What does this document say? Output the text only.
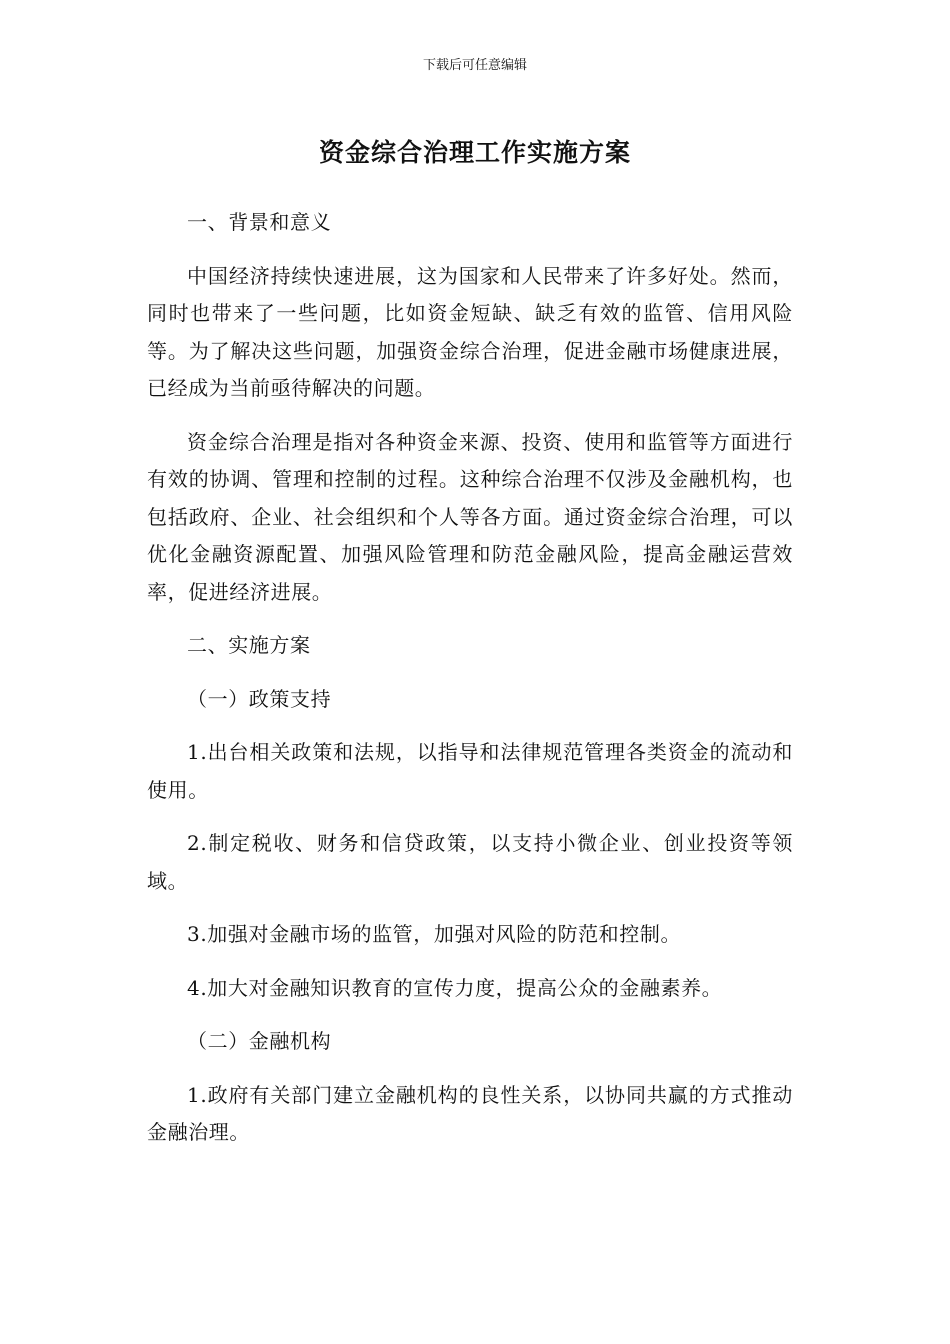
下载后可任意编辑
资金综合治理工作实施方案

一、背景和意义

中国经济持续快速进展，这为国家和人民带来了许多好处。然而，同时也带来了一些问题，比如资金短缺、缺乏有效的监管、信用风险等。为了解决这些问题，加强资金综合治理，促进金融市场健康进展，已经成为当前亟待解决的问题。

资金综合治理是指对各种资金来源、投资、使用和监管等方面进行有效的协调、管理和控制的过程。这种综合治理不仅涉及金融机构，也包括政府、企业、社会组织和个人等各方面。通过资金综合治理，可以优化金融资源配置、加强风险管理和防范金融风险，提高金融运营效率，促进经济进展。

二、实施方案

（一）政策支持

1.出台相关政策和法规，以指导和法律规范管理各类资金的流动和使用。

2.制定税收、财务和信贷政策，以支持小微企业、创业投资等领域。

3.加强对金融市场的监管，加强对风险的防范和控制。

4.加大对金融知识教育的宣传力度，提高公众的金融素养。

（二）金融机构

1.政府有关部门建立金融机构的良性关系，以协同共赢的方式推动金融治理。
